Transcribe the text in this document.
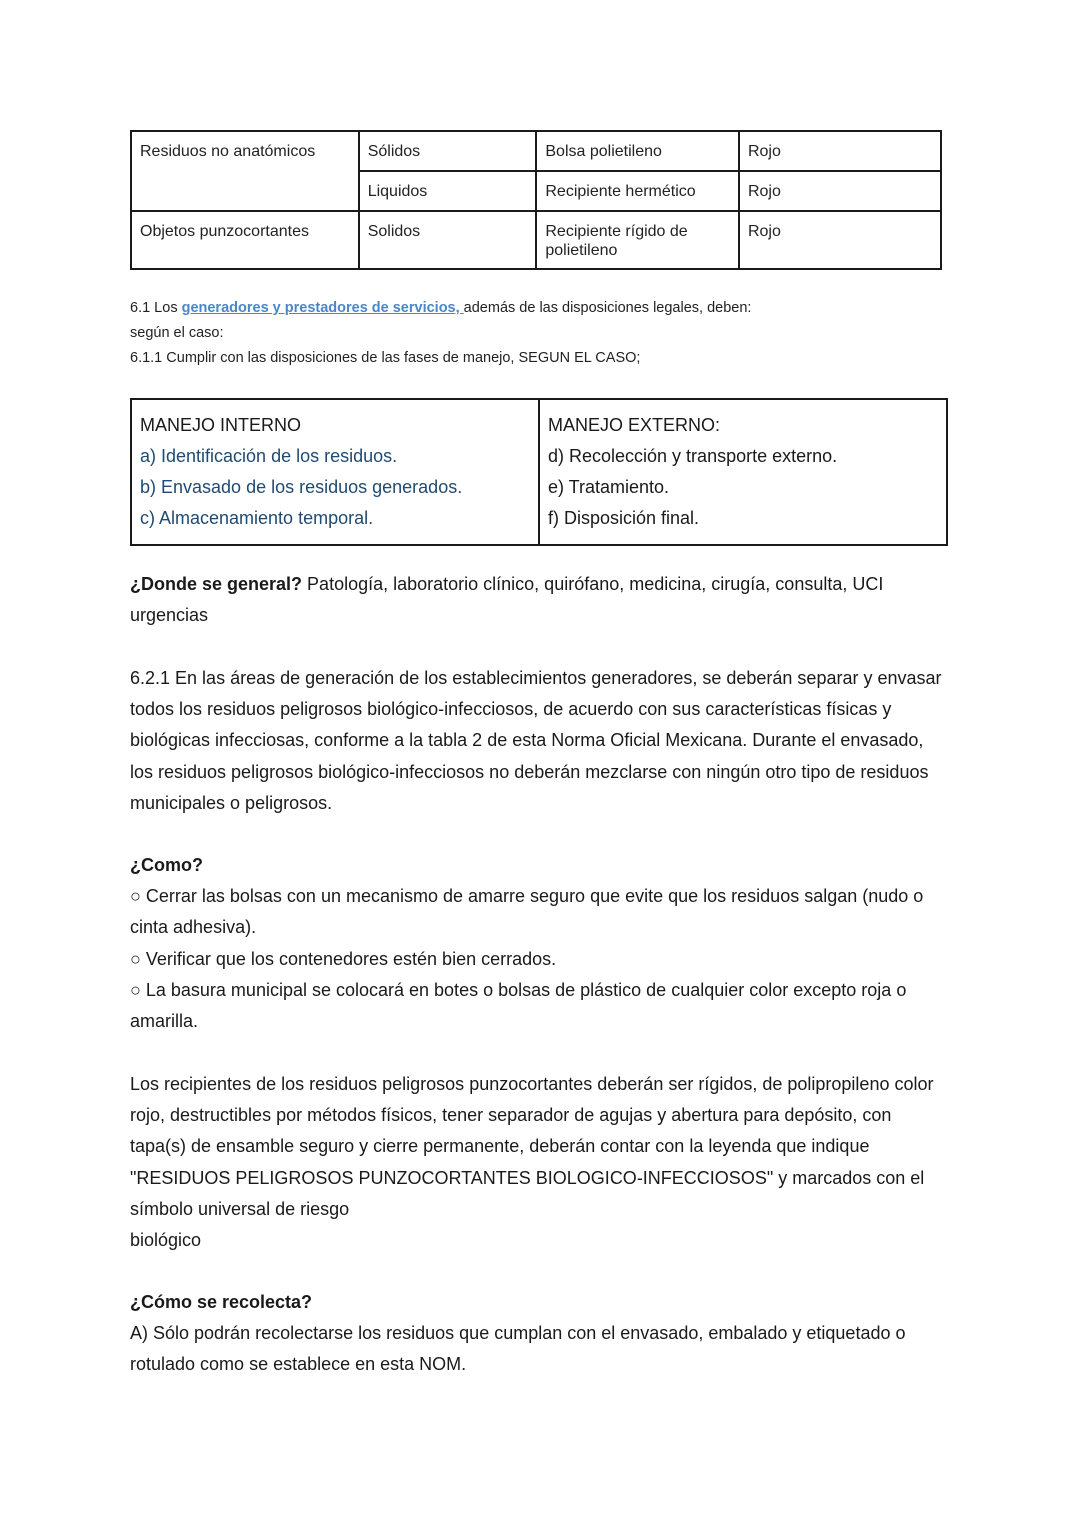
Residuos no anatómicos	Sólidos	Bolsa polietileno	Rojo
	Liquidos	Recipiente hermético	Rojo
Objetos punzocortantes	Solidos	Recipiente rígido de polietileno	Rojo

6.1 Los generadores y prestadores de servicios, además de las disposiciones legales, deben:

según el caso:

6.1.1 Cumplir con las disposiciones de las fases de manejo, SEGUN EL CASO;

MANEJO INTERNO
a) Identificación de los residuos.
b) Envasado de los residuos generados.
c) Almacenamiento temporal.

MANEJO EXTERNO:
d) Recolección y transporte externo.
e) Tratamiento.
f) Disposición final.

¿Donde se general? Patología, laboratorio clínico, quirófano, medicina, cirugía, consulta, UCI urgencias

6.2.1 En las áreas de generación de los establecimientos generadores, se deberán separar y envasar todos los residuos peligrosos biológico-infecciosos, de acuerdo con sus características físicas y biológicas infecciosas, conforme a la tabla 2 de esta Norma Oficial Mexicana. Durante el envasado, los residuos peligrosos biológico-infecciosos no deberán mezclarse con ningún otro tipo de residuos municipales o peligrosos.

¿Como?

○ Cerrar las bolsas con un mecanismo de amarre seguro que evite que los residuos salgan (nudo o cinta adhesiva).

○ Verificar que los contenedores estén bien cerrados.

○ La basura municipal se colocará en botes o bolsas de plástico de cualquier color excepto roja o amarilla.

Los recipientes de los residuos peligrosos punzocortantes deberán ser rígidos, de polipropileno color rojo, destructibles por métodos físicos, tener separador de agujas y abertura para depósito, con tapa(s) de ensamble seguro y cierre permanente, deberán contar con la leyenda que indique "RESIDUOS PELIGROSOS PUNZOCORTANTES BIOLOGICO-INFECCIOSOS" y marcados con el símbolo universal de riesgo

biológico

¿Cómo se recolecta?

A) Sólo podrán recolectarse los residuos que cumplan con el envasado, embalado y etiquetado o rotulado como se establece en esta NOM.
